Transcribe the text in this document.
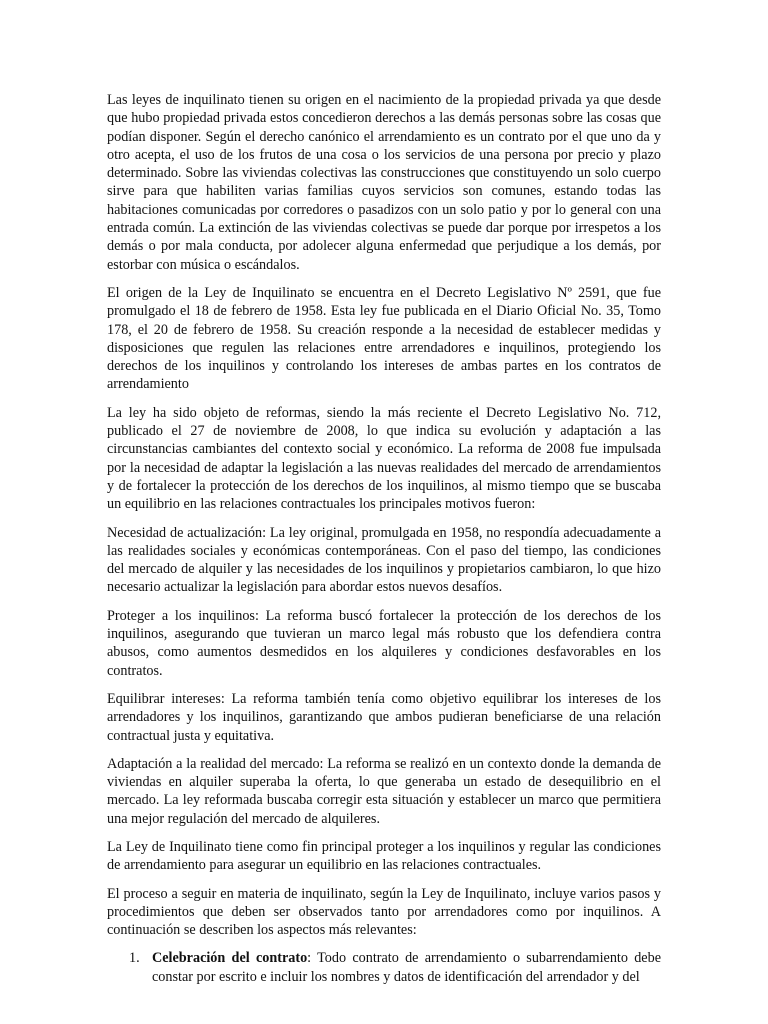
Las leyes de inquilinato tienen su origen en el nacimiento de la propiedad privada ya que desde que hubo propiedad privada estos concedieron derechos a las demás personas sobre las cosas que podían disponer. Según el derecho canónico el arrendamiento es un contrato por el que uno da y otro acepta, el uso de los frutos de una cosa o los servicios de una persona por precio y plazo determinado. Sobre las viviendas colectivas las construcciones que constituyendo un solo cuerpo sirve para que habiliten varias familias cuyos servicios son comunes, estando todas las habitaciones comunicadas por corredores o pasadizos con un solo patio y por lo general con una entrada común. La extinción de las viviendas colectivas se puede dar porque por irrespetos a los demás o por mala conducta, por adolecer alguna enfermedad que perjudique a los demás, por estorbar con música o escándalos.

El origen de la Ley de Inquilinato se encuentra en el Decreto Legislativo Nº 2591, que fue promulgado el 18 de febrero de 1958. Esta ley fue publicada en el Diario Oficial No. 35, Tomo 178, el 20 de febrero de 1958. Su creación responde a la necesidad de establecer medidas y disposiciones que regulen las relaciones entre arrendadores e inquilinos, protegiendo los derechos de los inquilinos y controlando los intereses de ambas partes en los contratos de arrendamiento

La ley ha sido objeto de reformas, siendo la más reciente el Decreto Legislativo No. 712, publicado el 27 de noviembre de 2008, lo que indica su evolución y adaptación a las circunstancias cambiantes del contexto social y económico. La reforma de 2008 fue impulsada por la necesidad de adaptar la legislación a las nuevas realidades del mercado de arrendamientos y de fortalecer la protección de los derechos de los inquilinos, al mismo tiempo que se buscaba un equilibrio en las relaciones contractuales los principales motivos fueron:

Necesidad de actualización: La ley original, promulgada en 1958, no respondía adecuadamente a las realidades sociales y económicas contemporáneas. Con el paso del tiempo, las condiciones del mercado de alquiler y las necesidades de los inquilinos y propietarios cambiaron, lo que hizo necesario actualizar la legislación para abordar estos nuevos desafíos.

Proteger a los inquilinos: La reforma buscó fortalecer la protección de los derechos de los inquilinos, asegurando que tuvieran un marco legal más robusto que los defendiera contra abusos, como aumentos desmedidos en los alquileres y condiciones desfavorables en los contratos.

Equilibrar intereses: La reforma también tenía como objetivo equilibrar los intereses de los arrendadores y los inquilinos, garantizando que ambos pudieran beneficiarse de una relación contractual justa y equitativa.

Adaptación a la realidad del mercado: La reforma se realizó en un contexto donde la demanda de viviendas en alquiler superaba la oferta, lo que generaba un estado de desequilibrio en el mercado. La ley reformada buscaba corregir esta situación y establecer un marco que permitiera una mejor regulación del mercado de alquileres.

La Ley de Inquilinato tiene como fin principal proteger a los inquilinos y regular las condiciones de arrendamiento para asegurar un equilibrio en las relaciones contractuales.

El proceso a seguir en materia de inquilinato, según la Ley de Inquilinato, incluye varios pasos y procedimientos que deben ser observados tanto por arrendadores como por inquilinos. A continuación se describen los aspectos más relevantes:

1. Celebración del contrato: Todo contrato de arrendamiento o subarrendamiento debe constar por escrito e incluir los nombres y datos de identificación del arrendador y del
